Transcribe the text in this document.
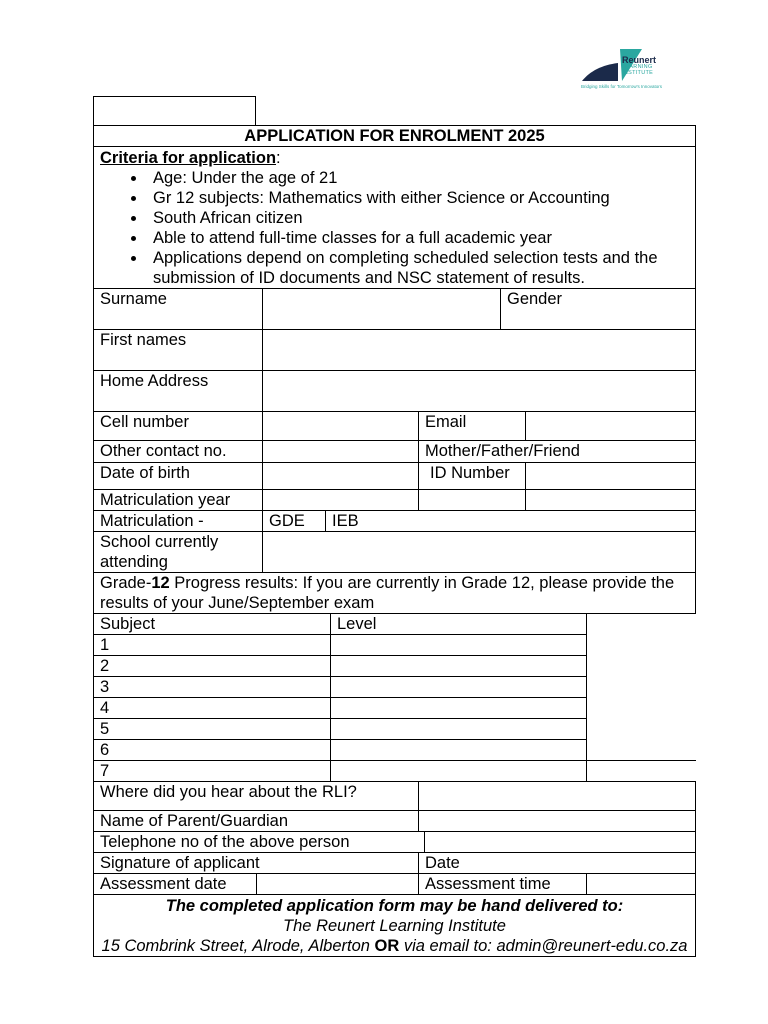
Reunert
LEARNING
INSTITUTE
Bridging Skills for Tomorrow's Innovators
APPLICATION FOR ENROLMENT 2025
Criteria for application:
• Age: Under the age of 21
• Gr 12 subjects: Mathematics with either Science or Accounting
• South African citizen
• Able to attend full-time classes for a full academic year
• Applications depend on completing scheduled selection tests and the submission of ID documents and NSC statement of results.
Surname		Gender
First names	
Home Address	
Cell number		Email	
Other contact no.		Mother/Father/Friend	
Date of birth		ID Number	
Matriculation year			
Matriculation -	GDE	IEB
School currently attending	
Grade-12 Progress results: If you are currently in Grade 12, please provide the results of your June/September exam
Subject	Level	
1		
2		
3		
4		
5		
6		
7		
Where did you hear about the RLI?	
Name of Parent/Guardian	
Telephone no of the above person	
Signature of applicant	Date
Assessment date		Assessment time	
The completed application form may be hand delivered to:
The Reunert Learning Institute
15 Combrink Street, Alrode, Alberton OR via email to: admin@reunert-edu.co.za
